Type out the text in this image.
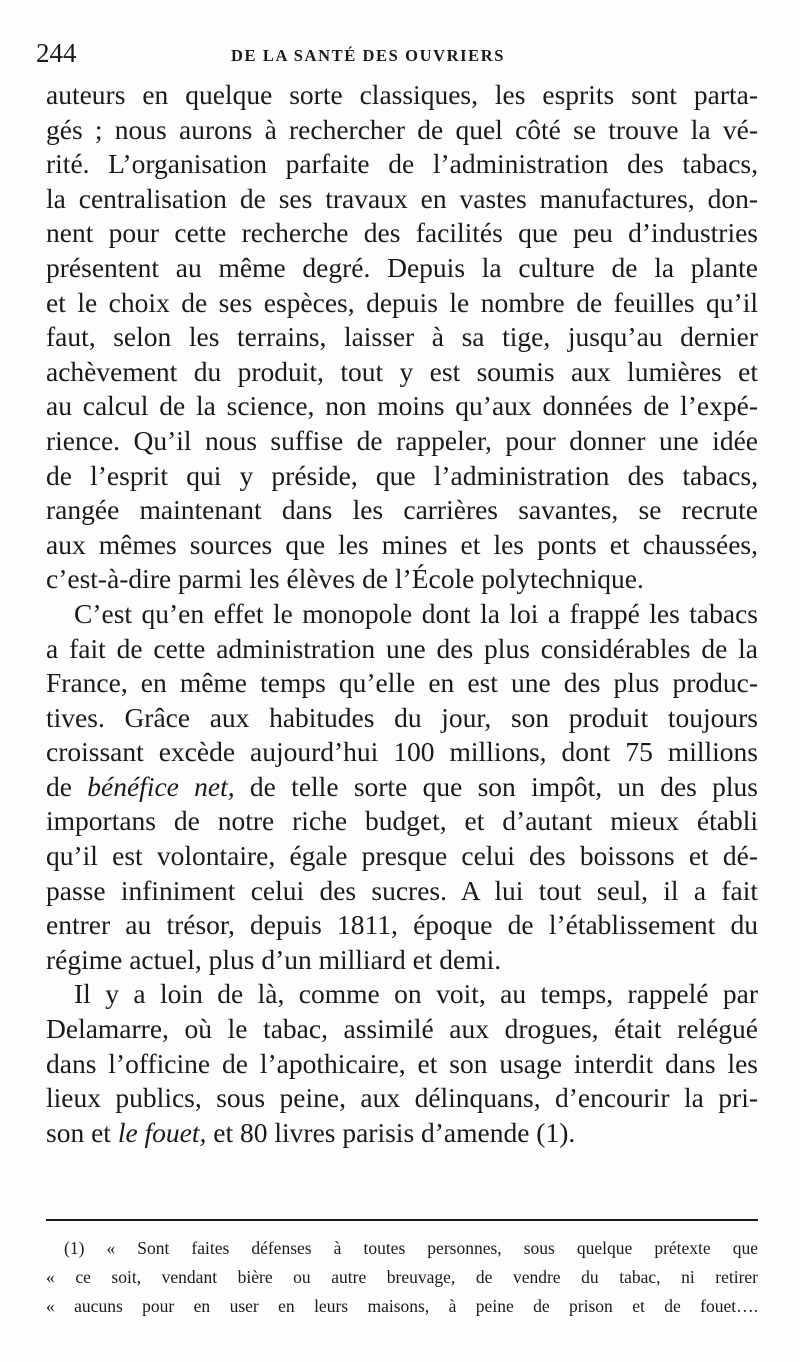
244	DE LA SANTÉ DES OUVRIERS
auteurs en quelque sorte classiques, les esprits sont parta-
gés ; nous aurons à rechercher de quel côté se trouve la vé-
rité. L’organisation parfaite de l’administration des tabacs,
la centralisation de ses travaux en vastes manufactures, don-
nent pour cette recherche des facilités que peu d’industries
présentent au même degré. Depuis la culture de la plante
et le choix de ses espèces, depuis le nombre de feuilles qu’il
faut, selon les terrains, laisser à sa tige, jusqu’au dernier
achèvement du produit, tout y est soumis aux lumières et
au calcul de la science, non moins qu’aux données de l’expé-
rience. Qu’il nous suffise de rappeler, pour donner une idée
de l’esprit qui y préside, que l’administration des tabacs,
rangée maintenant dans les carrières savantes, se recrute
aux mêmes sources que les mines et les ponts et chaussées,
c’est-à-dire parmi les élèves de l’École polytechnique.
C’est qu’en effet le monopole dont la loi a frappé les tabacs
a fait de cette administration une des plus considérables de la
France, en même temps qu’elle en est une des plus produc-
tives. Grâce aux habitudes du jour, son produit toujours
croissant excède aujourd’hui 100 millions, dont 75 millions
de bénéfice net, de telle sorte que son impôt, un des plus
importans de notre riche budget, et d’autant mieux établi
qu’il est volontaire, égale presque celui des boissons et dé-
passe infiniment celui des sucres. A lui tout seul, il a fait
entrer au trésor, depuis 1811, époque de l’établissement du
régime actuel, plus d’un milliard et demi.
Il y a loin de là, comme on voit, au temps, rappelé par
Delamarre, où le tabac, assimilé aux drogues, était relégué
dans l’officine de l’apothicaire, et son usage interdit dans les
lieux publics, sous peine, aux délinquans, d’encourir la pri-
son et le fouet, et 80 livres parisis d’amende (1).
(1) « Sont faites défenses à toutes personnes, sous quelque prétexte que
« ce soit, vendant bière ou autre breuvage, de vendre du tabac, ni retirer
« aucuns pour en user en leurs maisons, à peine de prison et de fouet….
